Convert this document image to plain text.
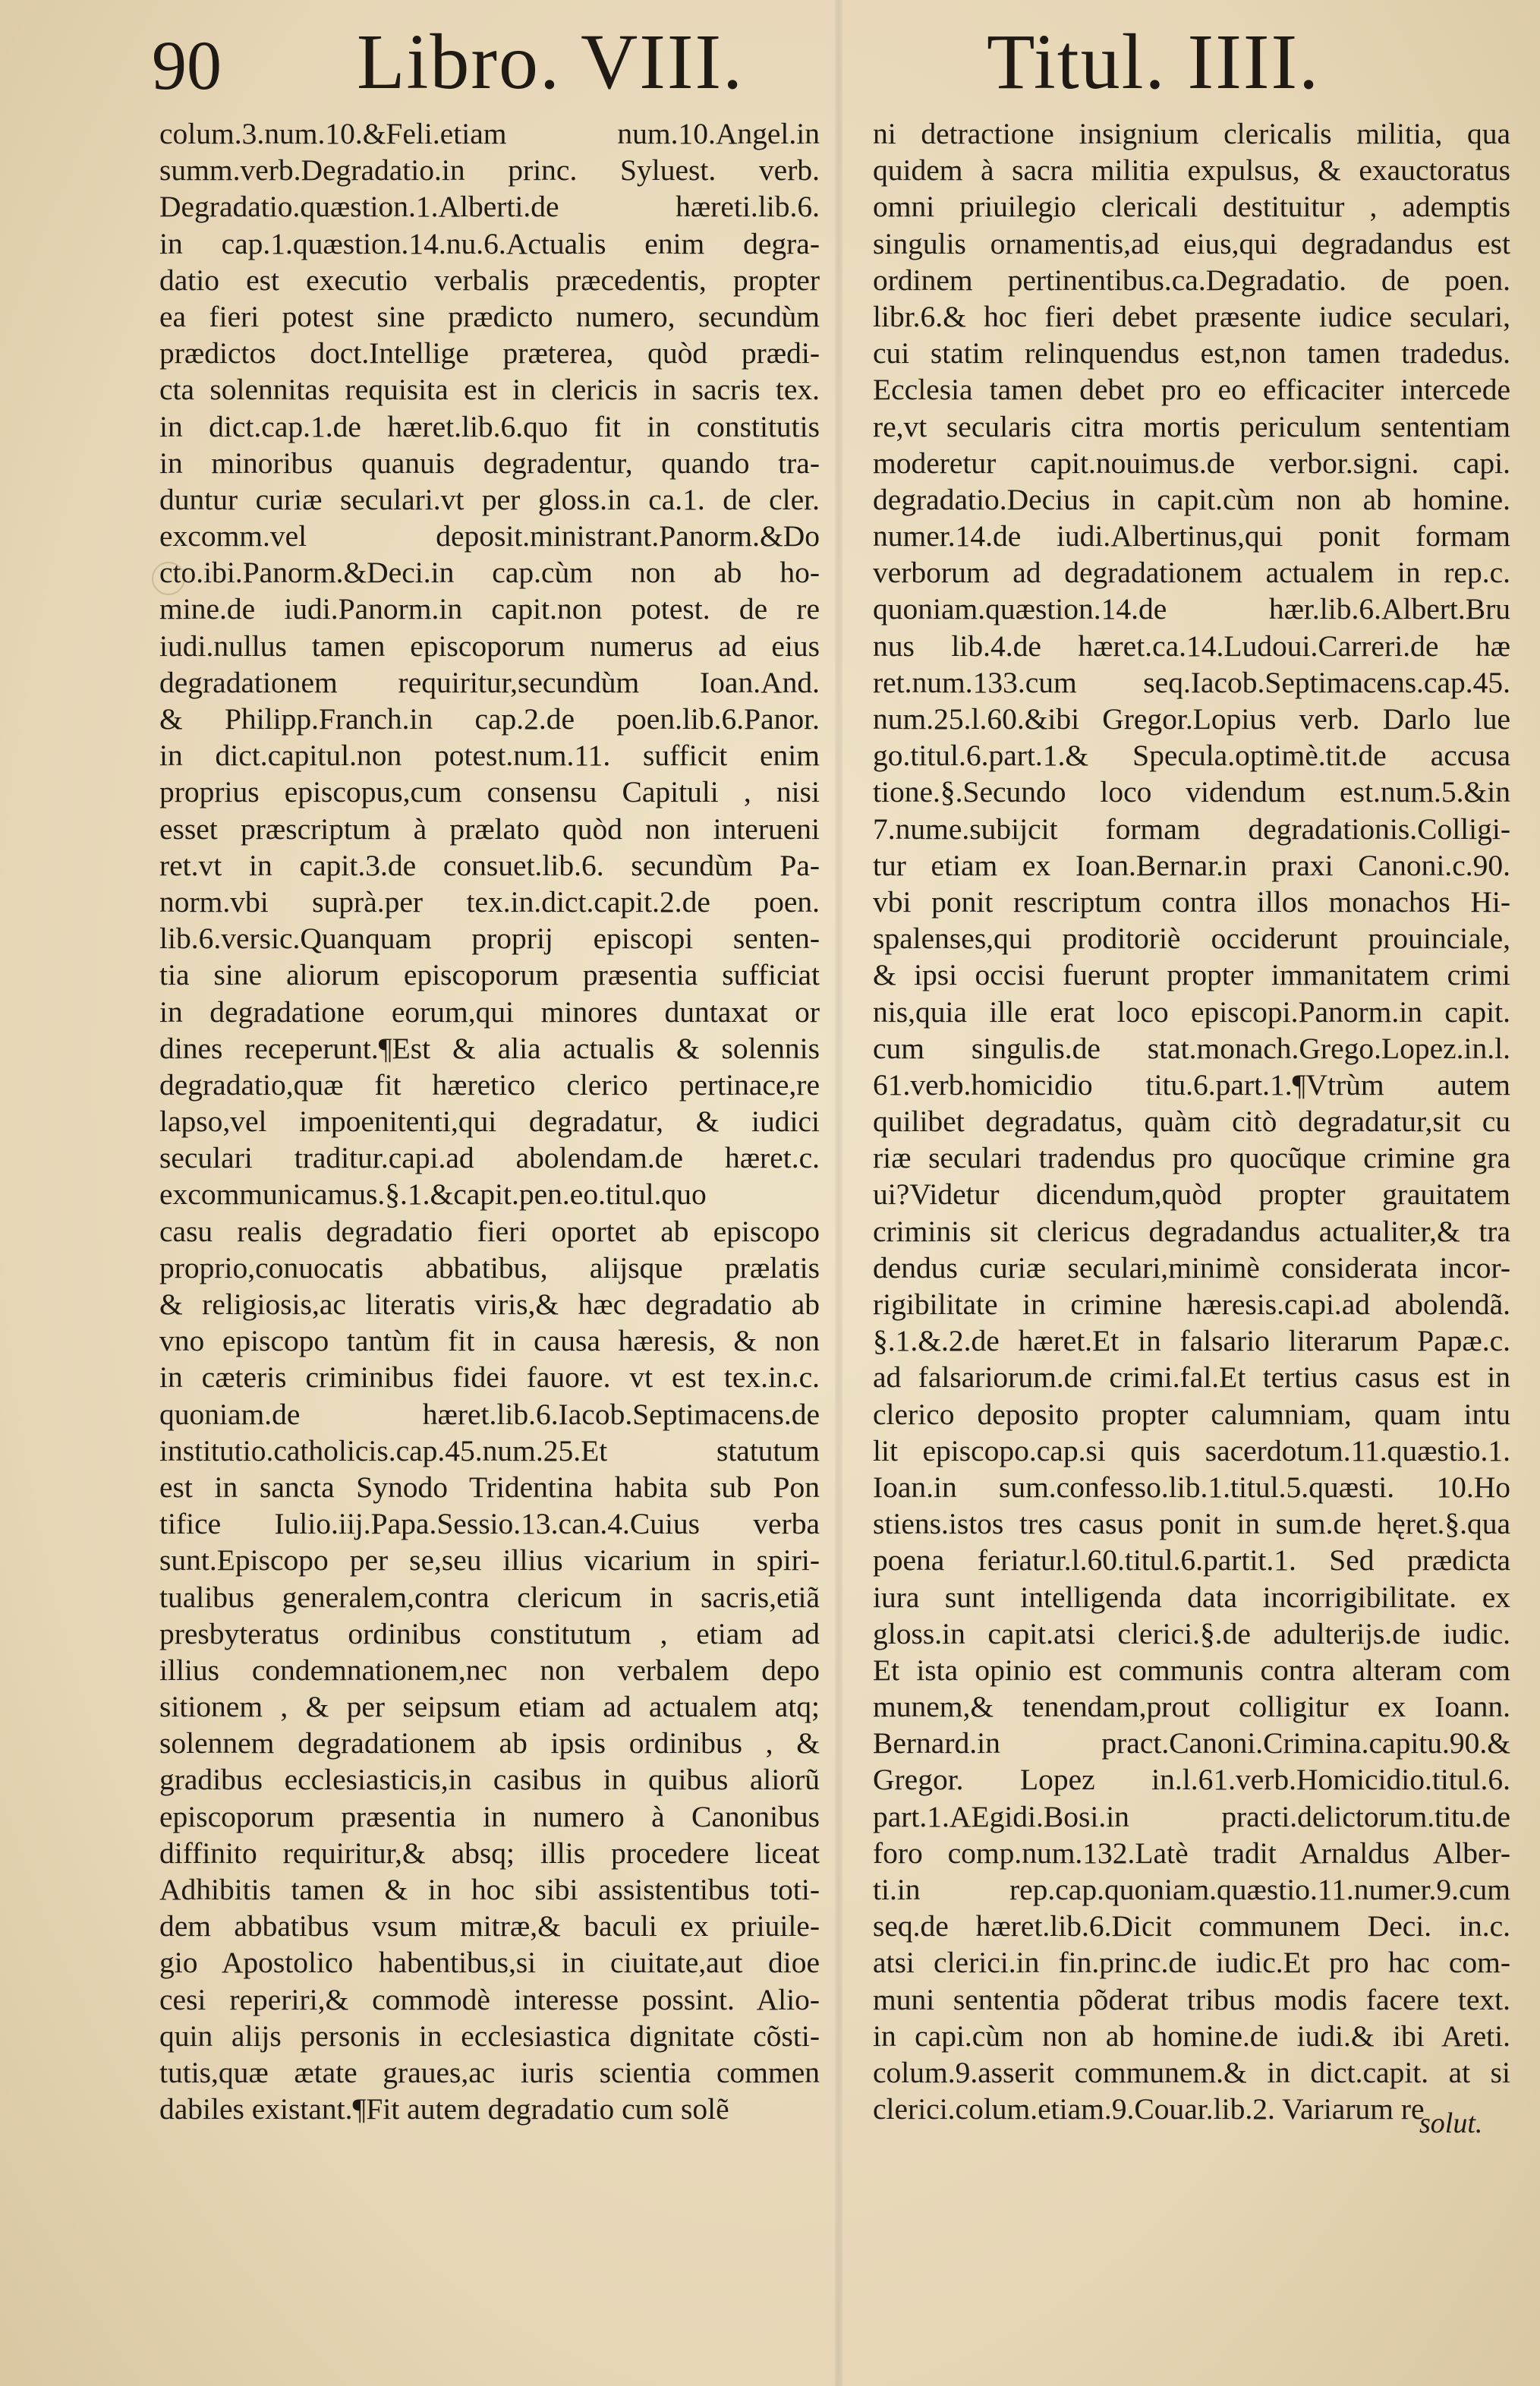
90 Libro. VIII.	Titul. IIII.
colum.3.num.10.&Feli.etiam num.10.Angel.in
summ.verb.Degradatio.in princ. Syluest. verb.
Degradatio.quæstion.1.Alberti.de hæreti.lib.6.
in cap.1.quæstion.14.nu.6.Actualis enim degra-
datio est executio verbalis præcedentis, propter
ea fieri potest sine prædicto numero, secundùm
prædictos doct.Intellige præterea, quòd prædi-
cta solennitas requisita est in clericis in sacris tex.
in dict.cap.1.de hæret.lib.6.quo fit in constitutis
in minoribus quanuis degradentur, quando tra-
duntur curiæ seculari.vt per gloss.in ca.1. de cler.
excomm.vel deposit.ministrant.Panorm.&Do
cto.ibi.Panorm.&Deci.in cap.cùm non ab ho-
mine.de iudi.Panorm.in capit.non potest. de re
iudi.nullus tamen episcoporum numerus ad eius
degradationem requiritur,secundùm Ioan.And.
& Philipp.Franch.in cap.2.de poen.lib.6.Panor.
in dict.capitul.non potest.num.11. sufficit enim
proprius episcopus,cum consensu Capituli , nisi
esset præscriptum à prælato quòd non interueni
ret.vt in capit.3.de consuet.lib.6. secundùm Pa-
norm.vbi suprà.per tex.in.dict.capit.2.de poen.
lib.6.versic.Quanquam proprij episcopi senten-
tia sine aliorum episcoporum præsentia sufficiat
in degradatione eorum,qui minores duntaxat or
dines receperunt.¶Est & alia actualis & solennis
degradatio,quæ fit hæretico clerico pertinace,re
lapso,vel impoenitenti,qui degradatur, & iudici
seculari traditur.capi.ad abolendam.de hæret.c.
excommunicamus.§.1.&capit.pen.eo.titul.quo
casu realis degradatio fieri oportet ab episcopo
proprio,conuocatis abbatibus, alijsque prælatis
& religiosis,ac literatis viris,& hæc degradatio ab
vno episcopo tantùm fit in causa hæresis, & non
in cæteris criminibus fidei fauore. vt est tex.in.c.
quoniam.de hæret.lib.6.Iacob.Septimacens.de
institutio.catholicis.cap.45.num.25.Et statutum
est in sancta Synodo Tridentina habita sub Pon
tifice Iulio.iij.Papa.Sessio.13.can.4.Cuius verba
sunt.Episcopo per se,seu illius vicarium in spiri-
tualibus generalem,contra clericum in sacris,etiã
presbyteratus ordinibus constitutum , etiam ad
illius condemnationem,nec non verbalem depo
sitionem , & per seipsum etiam ad actualem atq;
solennem degradationem ab ipsis ordinibus , &
gradibus ecclesiasticis,in casibus in quibus aliorũ
episcoporum præsentia in numero à Canonibus
diffinito requiritur,& absq; illis procedere liceat
Adhibitis tamen & in hoc sibi assistentibus toti-
dem abbatibus vsum mitræ,& baculi ex priuile-
gio Apostolico habentibus,si in ciuitate,aut dioe
cesi reperiri,& commodè interesse possint. Alio-
quin alijs personis in ecclesiastica dignitate cõsti-
tutis,quæ ætate graues,ac iuris scientia commen
dabiles existant.¶Fit autem degradatio cum solẽ
ni detractione insignium clericalis militia, qua
quidem à sacra militia expulsus, & exauctoratus
omni priuilegio clericali destituitur , ademptis
singulis ornamentis,ad eius,qui degradandus est
ordinem pertinentibus.ca.Degradatio. de poen.
libr.6.& hoc fieri debet præsente iudice seculari,
cui statim relinquendus est,non tamen tradedus.
Ecclesia tamen debet pro eo efficaciter intercede
re,vt secularis citra mortis periculum sententiam
moderetur capit.nouimus.de verbor.signi. capi.
degradatio.Decius in capit.cùm non ab homine.
numer.14.de iudi.Albertinus,qui ponit formam
verborum ad degradationem actualem in rep.c.
quoniam.quæstion.14.de hær.lib.6.Albert.Bru
nus lib.4.de hæret.ca.14.Ludoui.Carreri.de hæ
ret.num.133.cum seq.Iacob.Septimacens.cap.45.
num.25.l.60.&ibi Gregor.Lopius verb. Darlo lue
go.titul.6.part.1.& Specula.optimè.tit.de accusa
tione.§.Secundo loco videndum est.num.5.&in
7.nume.subijcit formam degradationis.Colligi-
tur etiam ex Ioan.Bernar.in praxi Canoni.c.90.
vbi ponit rescriptum contra illos monachos Hi-
spalenses,qui proditoriè occiderunt prouinciale,
& ipsi occisi fuerunt propter immanitatem crimi
nis,quia ille erat loco episcopi.Panorm.in capit.
cum singulis.de stat.monach.Grego.Lopez.in.l.
61.verb.homicidio titu.6.part.1.¶Vtrùm autem
quilibet degradatus, quàm citò degradatur,sit cu
riæ seculari tradendus pro quocũque crimine gra
ui?Videtur dicendum,quòd propter grauitatem
criminis sit clericus degradandus actualiter,& tra
dendus curiæ seculari,minimè considerata incor-
rigibilitate in crimine hæresis.capi.ad abolendã.
§.1.&.2.de hæret.Et in falsario literarum Papæ.c.
ad falsariorum.de crimi.fal.Et tertius casus est in
clerico deposito propter calumniam, quam intu
lit episcopo.cap.si quis sacerdotum.11.quæstio.1.
Ioan.in sum.confesso.lib.1.titul.5.quæsti. 10.Ho
stiens.istos tres casus ponit in sum.de hęret.§.qua
poena feriatur.l.60.titul.6.partit.1. Sed prædicta
iura sunt intelligenda data incorrigibilitate. ex
gloss.in capit.atsi clerici.§.de adulterijs.de iudic.
Et ista opinio est communis contra alteram com
munem,& tenendam,prout colligitur ex Ioann.
Bernard.in pract.Canoni.Crimina.capitu.90.&
Gregor. Lopez in.l.61.verb.Homicidio.titul.6.
part.1.AEgidi.Bosi.in practi.delictorum.titu.de
foro comp.num.132.Latè tradit Arnaldus Alber-
ti.in rep.cap.quoniam.quæstio.11.numer.9.cum
seq.de hæret.lib.6.Dicit communem Deci. in.c.
atsi clerici.in fin.princ.de iudic.Et pro hac com-
muni sententia põderat tribus modis facere text.
in capi.cùm non ab homine.de iudi.& ibi Areti.
colum.9.asserit communem.& in dict.capit. at si
clerici.colum.etiam.9.Couar.lib.2. Variarum re
solut.
